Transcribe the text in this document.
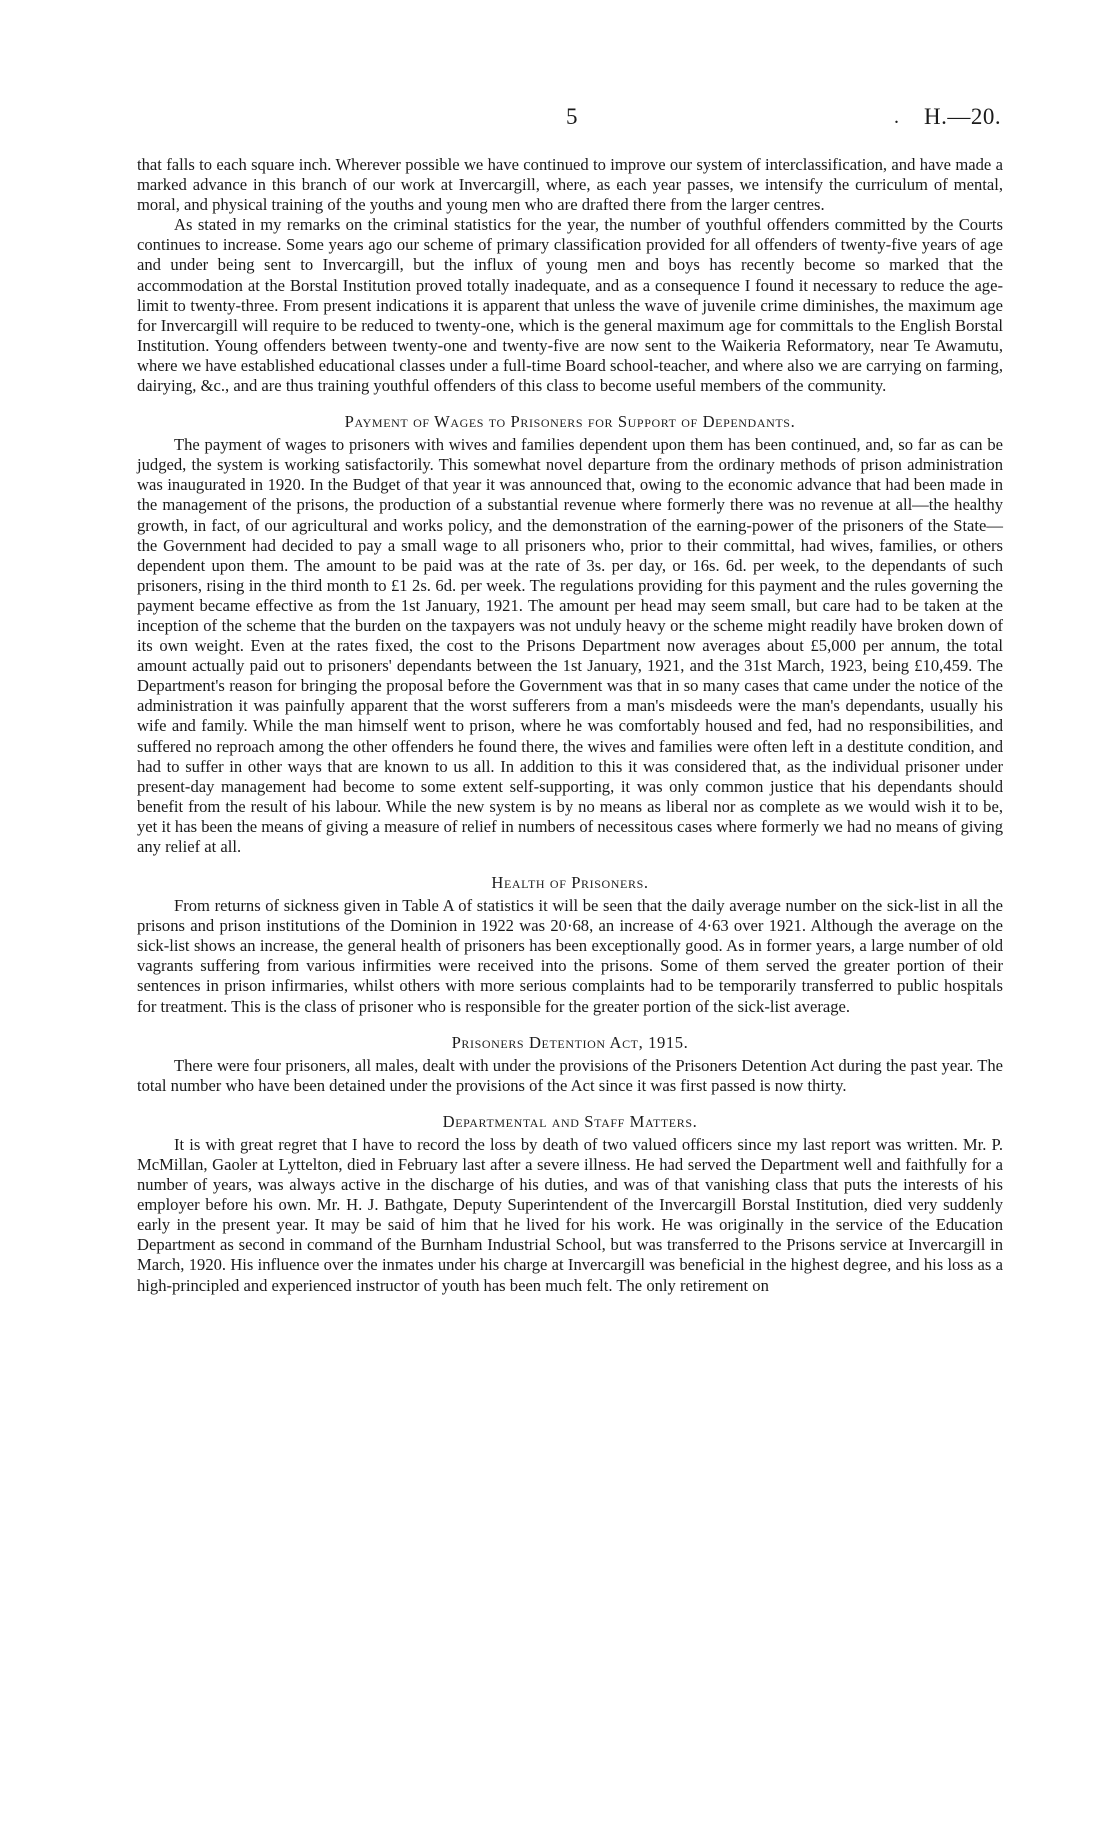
5	. H.—20.

that falls to each square inch. Wherever possible we have continued to improve our system of interclassification, and have made a marked advance in this branch of our work at Invercargill, where, as each year passes, we intensify the curriculum of mental, moral, and physical training of the youths and young men who are drafted there from the larger centres.

As stated in my remarks on the criminal statistics for the year, the number of youthful offenders committed by the Courts continues to increase. Some years ago our scheme of primary classification provided for all offenders of twenty-five years of age and under being sent to Invercargill, but the influx of young men and boys has recently become so marked that the accommodation at the Borstal Institution proved totally inadequate, and as a consequence I found it necessary to reduce the age-limit to twenty-three. From present indications it is apparent that unless the wave of juvenile crime diminishes, the maximum age for Invercargill will require to be reduced to twenty-one, which is the general maximum age for committals to the English Borstal Institution. Young offenders between twenty-one and twenty-five are now sent to the Waikeria Reformatory, near Te Awamutu, where we have established educational classes under a full-time Board school-teacher, and where also we are carrying on farming, dairying, &c., and are thus training youthful offenders of this class to become useful members of the community.

Payment of Wages to Prisoners for Support of Dependants.

The payment of wages to prisoners with wives and families dependent upon them has been continued, and, so far as can be judged, the system is working satisfactorily. This somewhat novel departure from the ordinary methods of prison administration was inaugurated in 1920. In the Budget of that year it was announced that, owing to the economic advance that had been made in the management of the prisons, the production of a substantial revenue where formerly there was no revenue at all—the healthy growth, in fact, of our agricultural and works policy, and the demonstration of the earning-power of the prisoners of the State—the Government had decided to pay a small wage to all prisoners who, prior to their committal, had wives, families, or others dependent upon them. The amount to be paid was at the rate of 3s. per day, or 16s. 6d. per week, to the dependants of such prisoners, rising in the third month to £1 2s. 6d. per week. The regulations providing for this payment and the rules governing the payment became effective as from the 1st January, 1921. The amount per head may seem small, but care had to be taken at the inception of the scheme that the burden on the taxpayers was not unduly heavy or the scheme might readily have broken down of its own weight. Even at the rates fixed, the cost to the Prisons Department now averages about £5,000 per annum, the total amount actually paid out to prisoners' dependants between the 1st January, 1921, and the 31st March, 1923, being £10,459. The Department's reason for bringing the proposal before the Government was that in so many cases that came under the notice of the administration it was painfully apparent that the worst sufferers from a man's misdeeds were the man's dependants, usually his wife and family. While the man himself went to prison, where he was comfortably housed and fed, had no responsibilities, and suffered no reproach among the other offenders he found there, the wives and families were often left in a destitute condition, and had to suffer in other ways that are known to us all. In addition to this it was considered that, as the individual prisoner under present-day management had become to some extent self-supporting, it was only common justice that his dependants should benefit from the result of his labour. While the new system is by no means as liberal nor as complete as we would wish it to be, yet it has been the means of giving a measure of relief in numbers of necessitous cases where formerly we had no means of giving any relief at all.

Health of Prisoners.

From returns of sickness given in Table A of statistics it will be seen that the daily average number on the sick-list in all the prisons and prison institutions of the Dominion in 1922 was 20·68, an increase of 4·63 over 1921. Although the average on the sick-list shows an increase, the general health of prisoners has been exceptionally good. As in former years, a large number of old vagrants suffering from various infirmities were received into the prisons. Some of them served the greater portion of their sentences in prison infirmaries, whilst others with more serious complaints had to be temporarily transferred to public hospitals for treatment. This is the class of prisoner who is responsible for the greater portion of the sick-list average.

Prisoners Detention Act, 1915.

There were four prisoners, all males, dealt with under the provisions of the Prisoners Detention Act during the past year. The total number who have been detained under the provisions of the Act since it was first passed is now thirty.

Departmental and Staff Matters.

It is with great regret that I have to record the loss by death of two valued officers since my last report was written. Mr. P. McMillan, Gaoler at Lyttelton, died in February last after a severe illness. He had served the Department well and faithfully for a number of years, was always active in the discharge of his duties, and was of that vanishing class that puts the interests of his employer before his own. Mr. H. J. Bathgate, Deputy Superintendent of the Invercargill Borstal Institution, died very suddenly early in the present year. It may be said of him that he lived for his work. He was originally in the service of the Education Department as second in command of the Burnham Industrial School, but was transferred to the Prisons service at Invercargill in March, 1920. His influence over the inmates under his charge at Invercargill was beneficial in the highest degree, and his loss as a high-principled and experienced instructor of youth has been much felt. The only retirement on
